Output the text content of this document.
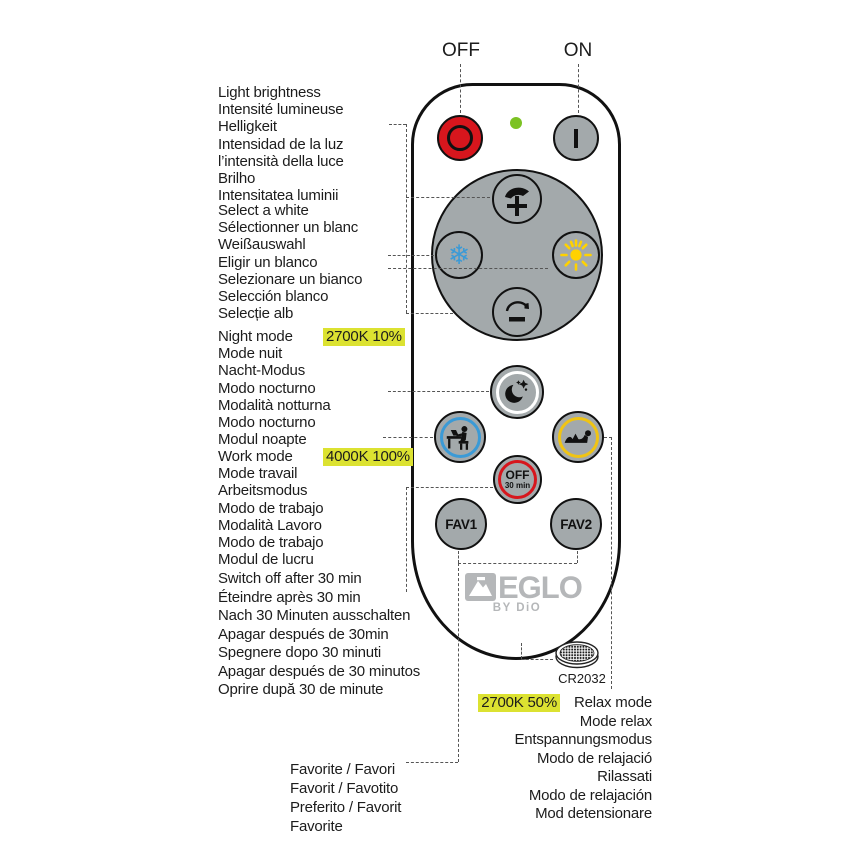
OFF	ON
❄
OFF
30 min
FAV1	FAV2
EGLO
BY DiO
CR2032
Light brightness
Intensité lumineuse
Helligkeit
Intensidad de la luz
l’intensità della luce
Brilho
Intensitatea luminii
Select a white
Sélectionner un blanc
Weißauswahl
Eligir un blanco
Selezionare un bianco
Selección blanco
Selecție alb
Night mode 2700K 10%
Mode nuit
Nacht-Modus
Modo nocturno
Modalità notturna
Modo nocturno
Modul noapte
Work mode 4000K 100%
Mode travail
Arbeitsmodus
Modo de trabajo
Modalità Lavoro
Modo de trabajo
Modul de lucru
Switch off after 30 min
Éteindre après 30 min
Nach 30 Minuten ausschalten
Apagar después de 30min
Spegnere dopo 30 minuti
Apagar después de 30 minutos
Oprire după 30 de minute
Favorite / Favori
Favorit / Favotito
Preferito / Favorit
Favorite
2700K 50% Relax mode
Mode relax
Entspannungsmodus
Modo de relajació
Rilassati
Modo de relajación
Mod detensionare
